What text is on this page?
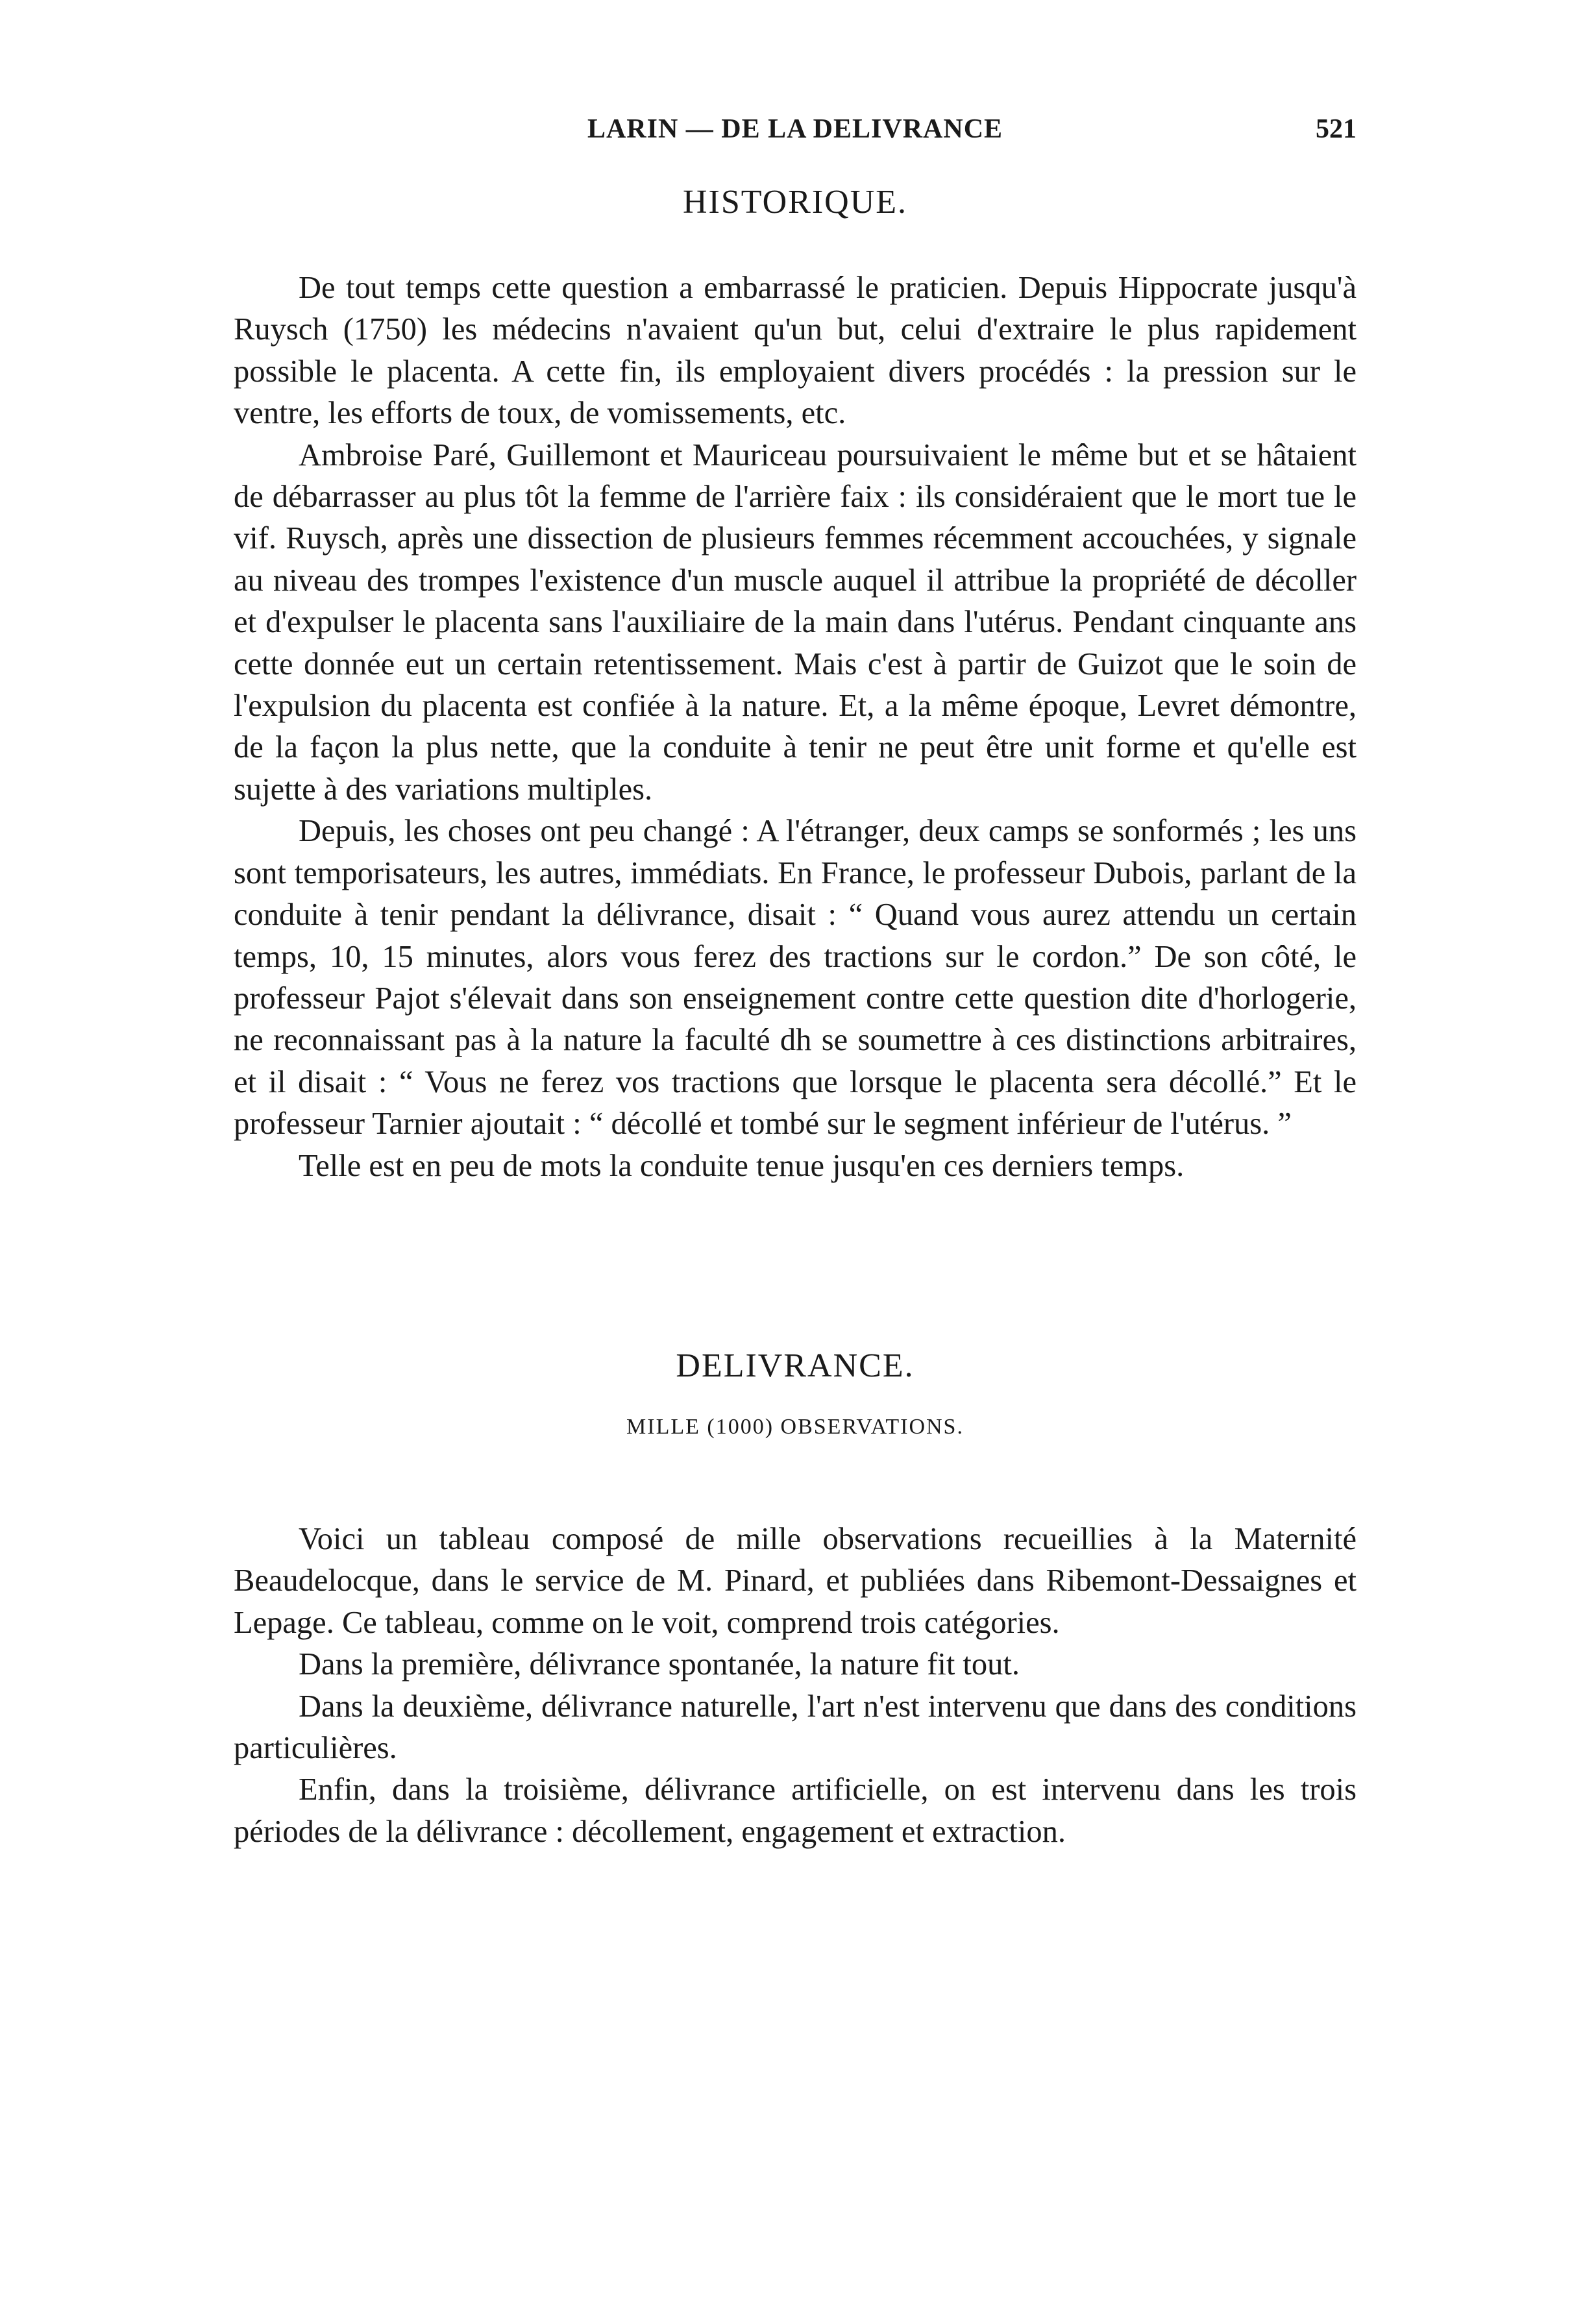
LARIN — DE LA DELIVRANCE	521
HISTORIQUE.

De tout temps cette question a embarrassé le praticien. Depuis Hippocrate jusqu'à Ruysch (1750) les médecins n'avaient qu'un but, celui d'extraire le plus rapidement possible le placenta. A cette fin, ils employaient divers procédés : la pression sur le ventre, les efforts de toux, de vomissements, etc.

Ambroise Paré, Guillemont et Mauriceau poursuivaient le même but et se hâtaient de débarrasser au plus tôt la femme de l'arrière faix : ils considéraient que le mort tue le vif. Ruysch, après une dissection de plusieurs femmes récemment accouchées, y signale au niveau des trompes l'existence d'un muscle auquel il attribue la propriété de décoller et d'expulser le placenta sans l'auxiliaire de la main dans l'utérus. Pendant cinquante ans cette donnée eut un certain retentissement. Mais c'est à partir de Guizot que le soin de l'expulsion du placenta est confiée à la nature. Et, a la même époque, Levret démontre, de la façon la plus nette, que la conduite à tenir ne peut être unit forme et qu'elle est sujette à des variations multiples.

Depuis, les choses ont peu changé : A l'étranger, deux camps se sonformés ; les uns sont temporisateurs, les autres, immédiats. En France, le professeur Dubois, parlant de la conduite à tenir pendant la délivrance, disait : “ Quand vous aurez attendu un certain temps, 10, 15 minutes, alors vous ferez des tractions sur le cordon.” De son côté, le professeur Pajot s'élevait dans son enseignement contre cette question dite d'horlogerie, ne reconnaissant pas à la nature la faculté dh se soumettre à ces distinctions arbitraires, et il disait : “ Vous ne ferez vos tractions que lorsque le placenta sera décollé.” Et le professeur Tarnier ajoutait : “ décollé et tombé sur le segment inférieur de l'utérus. ”

Telle est en peu de mots la conduite tenue jusqu'en ces derniers temps.

DELIVRANCE.
MILLE (1000) OBSERVATIONS.

Voici un tableau composé de mille observations recueillies à la Maternité Beaudelocque, dans le service de M. Pinard, et publiées dans Ribemont-Dessaignes et Lepage. Ce tableau, comme on le voit, comprend trois catégories.

Dans la première, délivrance spontanée, la nature fit tout.

Dans la deuxième, délivrance naturelle, l'art n'est intervenu que dans des conditions particulières.

Enfin, dans la troisième, délivrance artificielle, on est intervenu dans les trois périodes de la délivrance : décollement, engagement et extraction.
